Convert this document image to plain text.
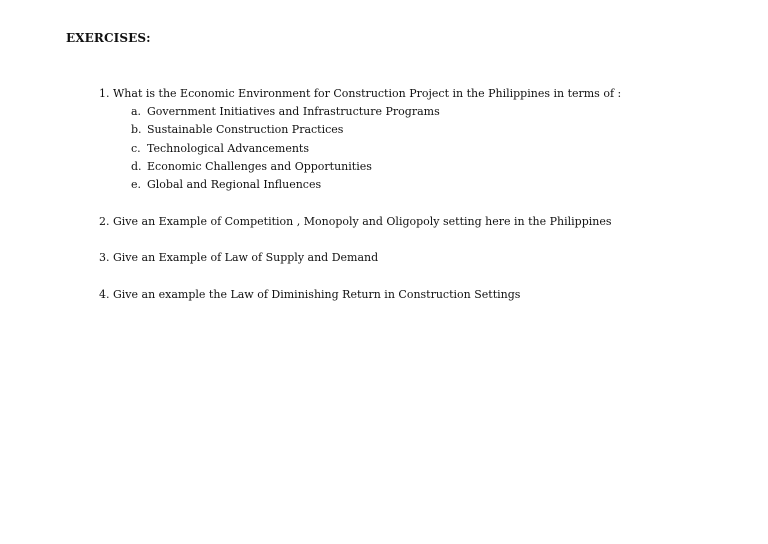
EXERCISES:
1. What is the Economic Environment for Construction Project in the Philippines in terms of :
a. Government Initiatives and Infrastructure Programs
b. Sustainable Construction Practices
c. Technological Advancements
d. Economic Challenges and Opportunities
e. Global and Regional Influences
2. Give an Example of Competition , Monopoly and Oligopoly setting here in the Philippines
3. Give an Example of Law of Supply and Demand
4. Give an example the Law of Diminishing Return in Construction Settings
